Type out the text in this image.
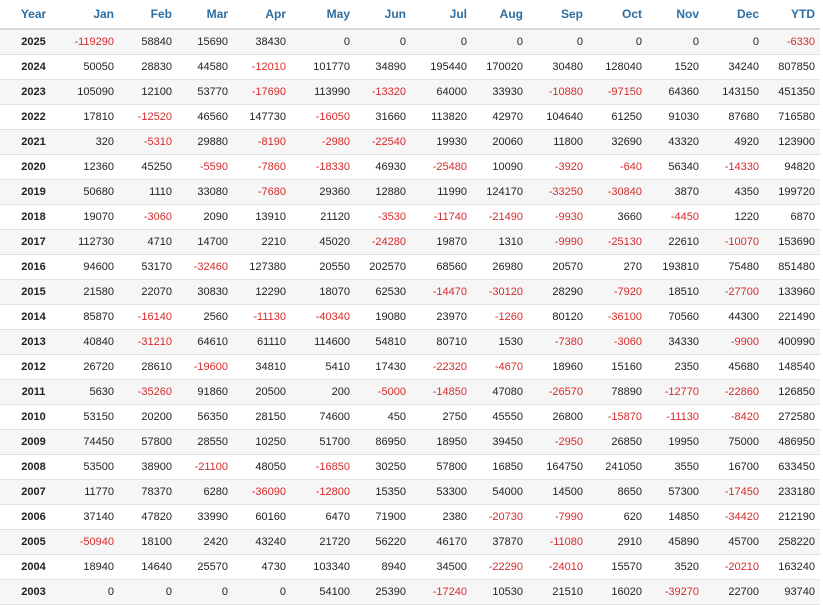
Year	Jan	Feb	Mar	Apr	May	Jun	Jul	Aug	Sep	Oct	Nov	Dec	YTD
2025	-119290	58840	15690	38430	0	0	0	0	0	0	0	0	-6330
2024	50050	28830	44580	-12010	101770	34890	195440	170020	30480	128040	1520	34240	807850
2023	105090	12100	53770	-17690	113990	-13320	64000	33930	-10880	-97150	64360	143150	451350
2022	17810	-12520	46560	147730	-16050	31660	113820	42970	104640	61250	91030	87680	716580
2021	320	-5310	29880	-8190	-2980	-22540	19930	20060	11800	32690	43320	4920	123900
2020	12360	45250	-5590	-7860	-18330	46930	-25480	10090	-3920	-640	56340	-14330	94820
2019	50680	1110	33080	-7680	29360	12880	11990	124170	-33250	-30840	3870	4350	199720
2018	19070	-3060	2090	13910	21120	-3530	-11740	-21490	-9930	3660	-4450	1220	6870
2017	112730	4710	14700	2210	45020	-24280	19870	1310	-9990	-25130	22610	-10070	153690
2016	94600	53170	-32460	127380	20550	202570	68560	26980	20570	270	193810	75480	851480
2015	21580	22070	30830	12290	18070	62530	-14470	-30120	28290	-7920	18510	-27700	133960
2014	85870	-16140	2560	-11130	-40340	19080	23970	-1260	80120	-36100	70560	44300	221490
2013	40840	-31210	64610	61110	114600	54810	80710	1530	-7380	-3060	34330	-9900	400990
2012	26720	28610	-19600	34810	5410	17430	-22320	-4670	18960	15160	2350	45680	148540
2011	5630	-35260	91860	20500	200	-5000	-14850	47080	-26570	78890	-12770	-22860	126850
2010	53150	20200	56350	28150	74600	450	2750	45550	26800	-15870	-11130	-8420	272580
2009	74450	57800	28550	10250	51700	86950	18950	39450	-2950	26850	19950	75000	486950
2008	53500	38900	-21100	48050	-16850	30250	57800	16850	164750	241050	3550	16700	633450
2007	11770	78370	6280	-36090	-12800	15350	53300	54000	14500	8650	57300	-17450	233180
2006	37140	47820	33990	60160	6470	71900	2380	-20730	-7990	620	14850	-34420	212190
2005	-50940	18100	2420	43240	21720	56220	46170	37870	-11080	2910	45890	45700	258220
2004	18940	14640	25570	4730	103340	8940	34500	-22290	-24010	15570	3520	-20210	163240
2003	0	0	0	0	54100	25390	-17240	10530	21510	16020	-39270	22700	93740
